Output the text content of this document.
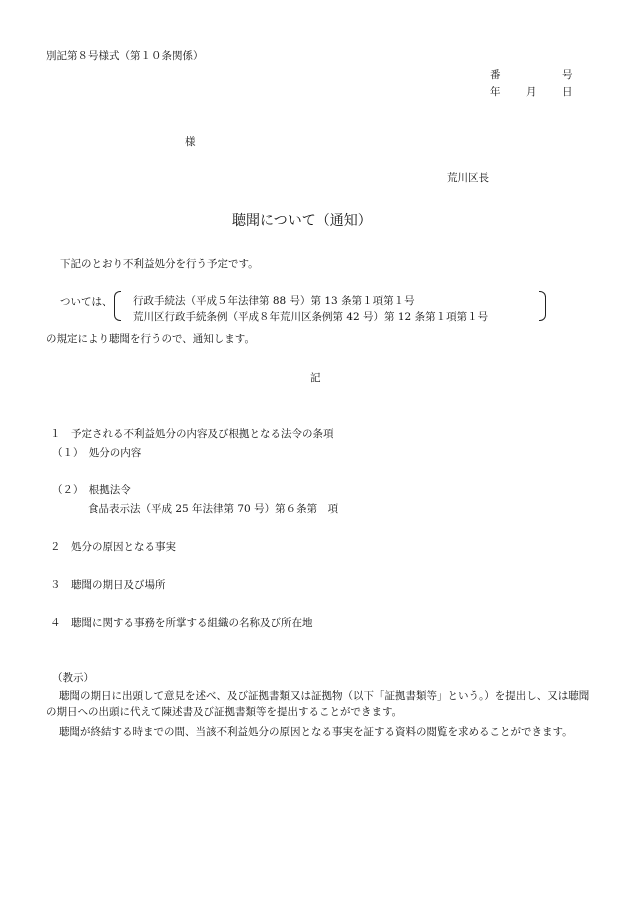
別記第８号様式（第１０条関係）
番	号
年 月 日
様
荒川区長
聴聞について（通知）
下記のとおり不利益処分を行う予定です。
ついては、 行政手続法（平成５年法律第 88 号）第 13 条第１項第１号
荒川区行政手続条例（平成８年荒川区条例第 42 号）第 12 条第１項第１号
の規定により聴聞を行うので、通知します。
記
１　予定される不利益処分の内容及び根拠となる法令の条項
（１）　処分の内容
（２）　根拠法令
食品表示法（平成 25 年法律第 70 号）第６条第　項
２　処分の原因となる事実
３　聴聞の期日及び場所
４　聴聞に関する事務を所掌する組織の名称及び所在地
（教示）
聴聞の期日に出頭して意見を述べ、及び証拠書類又は証拠物（以下「証拠書類等」という。）を提出し、又は聴聞の期日への出頭に代えて陳述書及び証拠書類等を提出することができます。
聴聞が終結する時までの間、当該不利益処分の原因となる事実を証する資料の閲覧を求めることができます。
